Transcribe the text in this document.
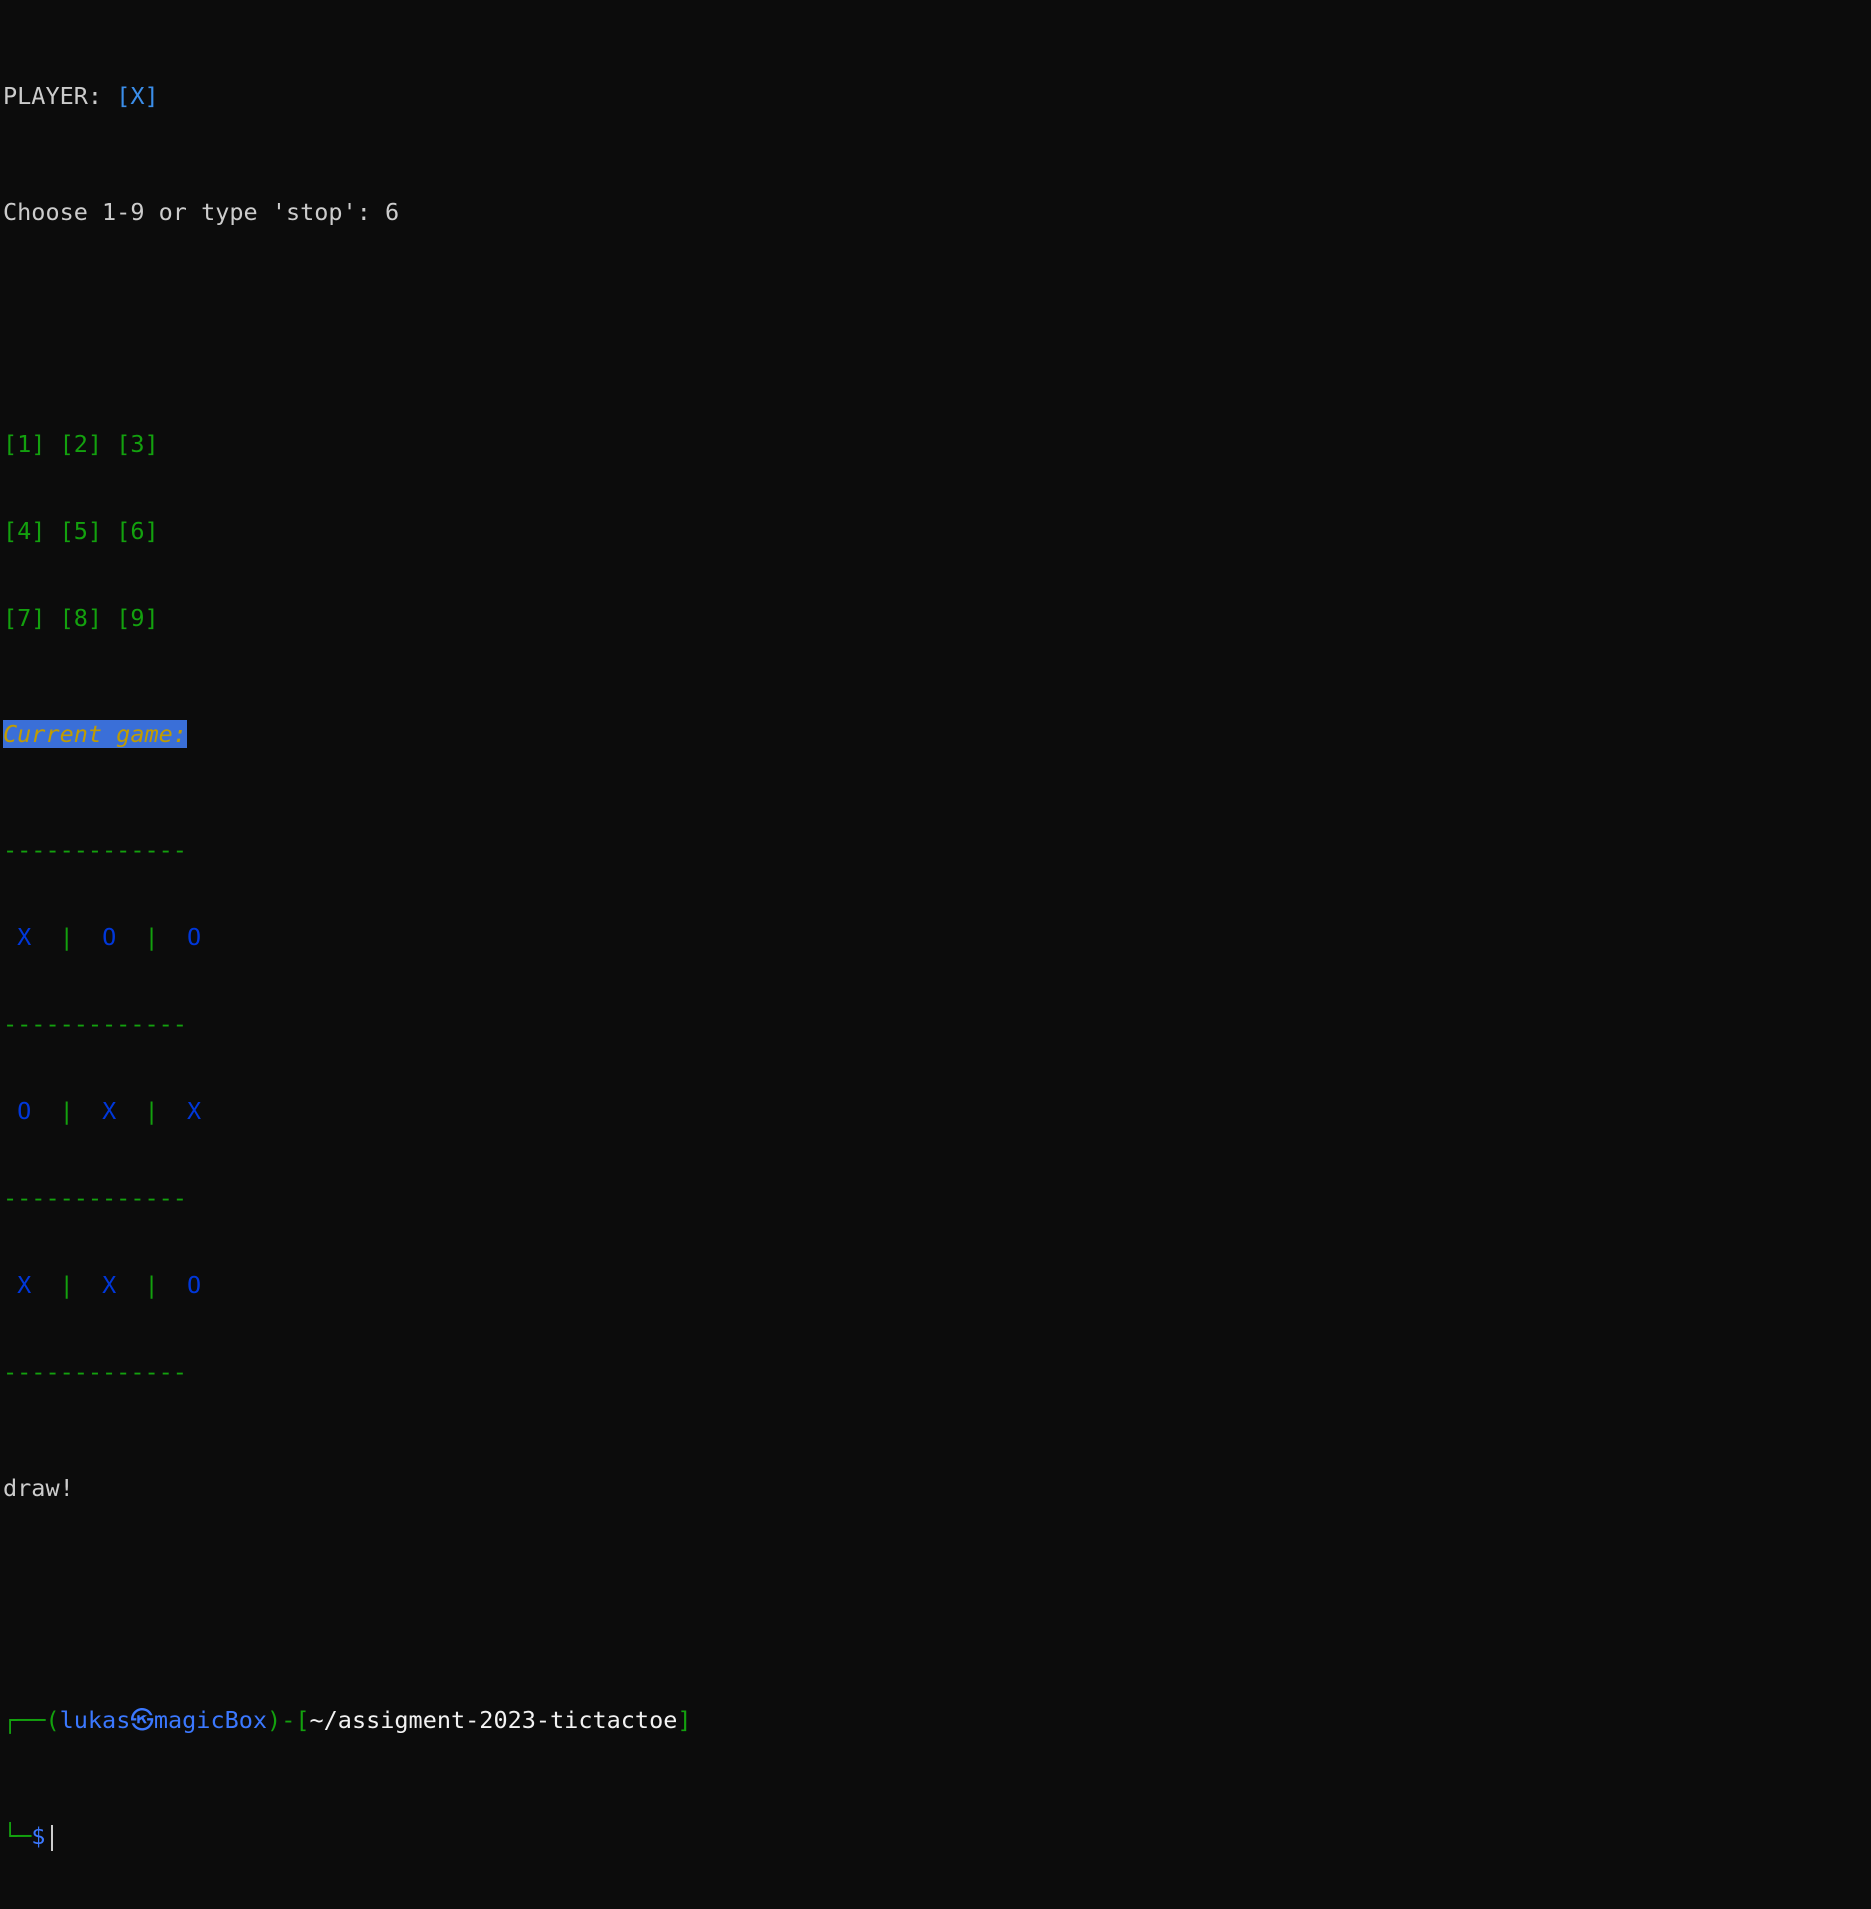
PLAYER: [X]

Choose 1-9 or type 'stop': 6

[1] [2] [3]

[4] [5] [6]

[7] [8] [9]

Current game:

-------------

X | O | O

-------------

O | X | X

-------------

X | X | O

-------------

draw!

┌──(lukas㉿magicBox)-[~/assigment-2023-tictactoe]

└─$
